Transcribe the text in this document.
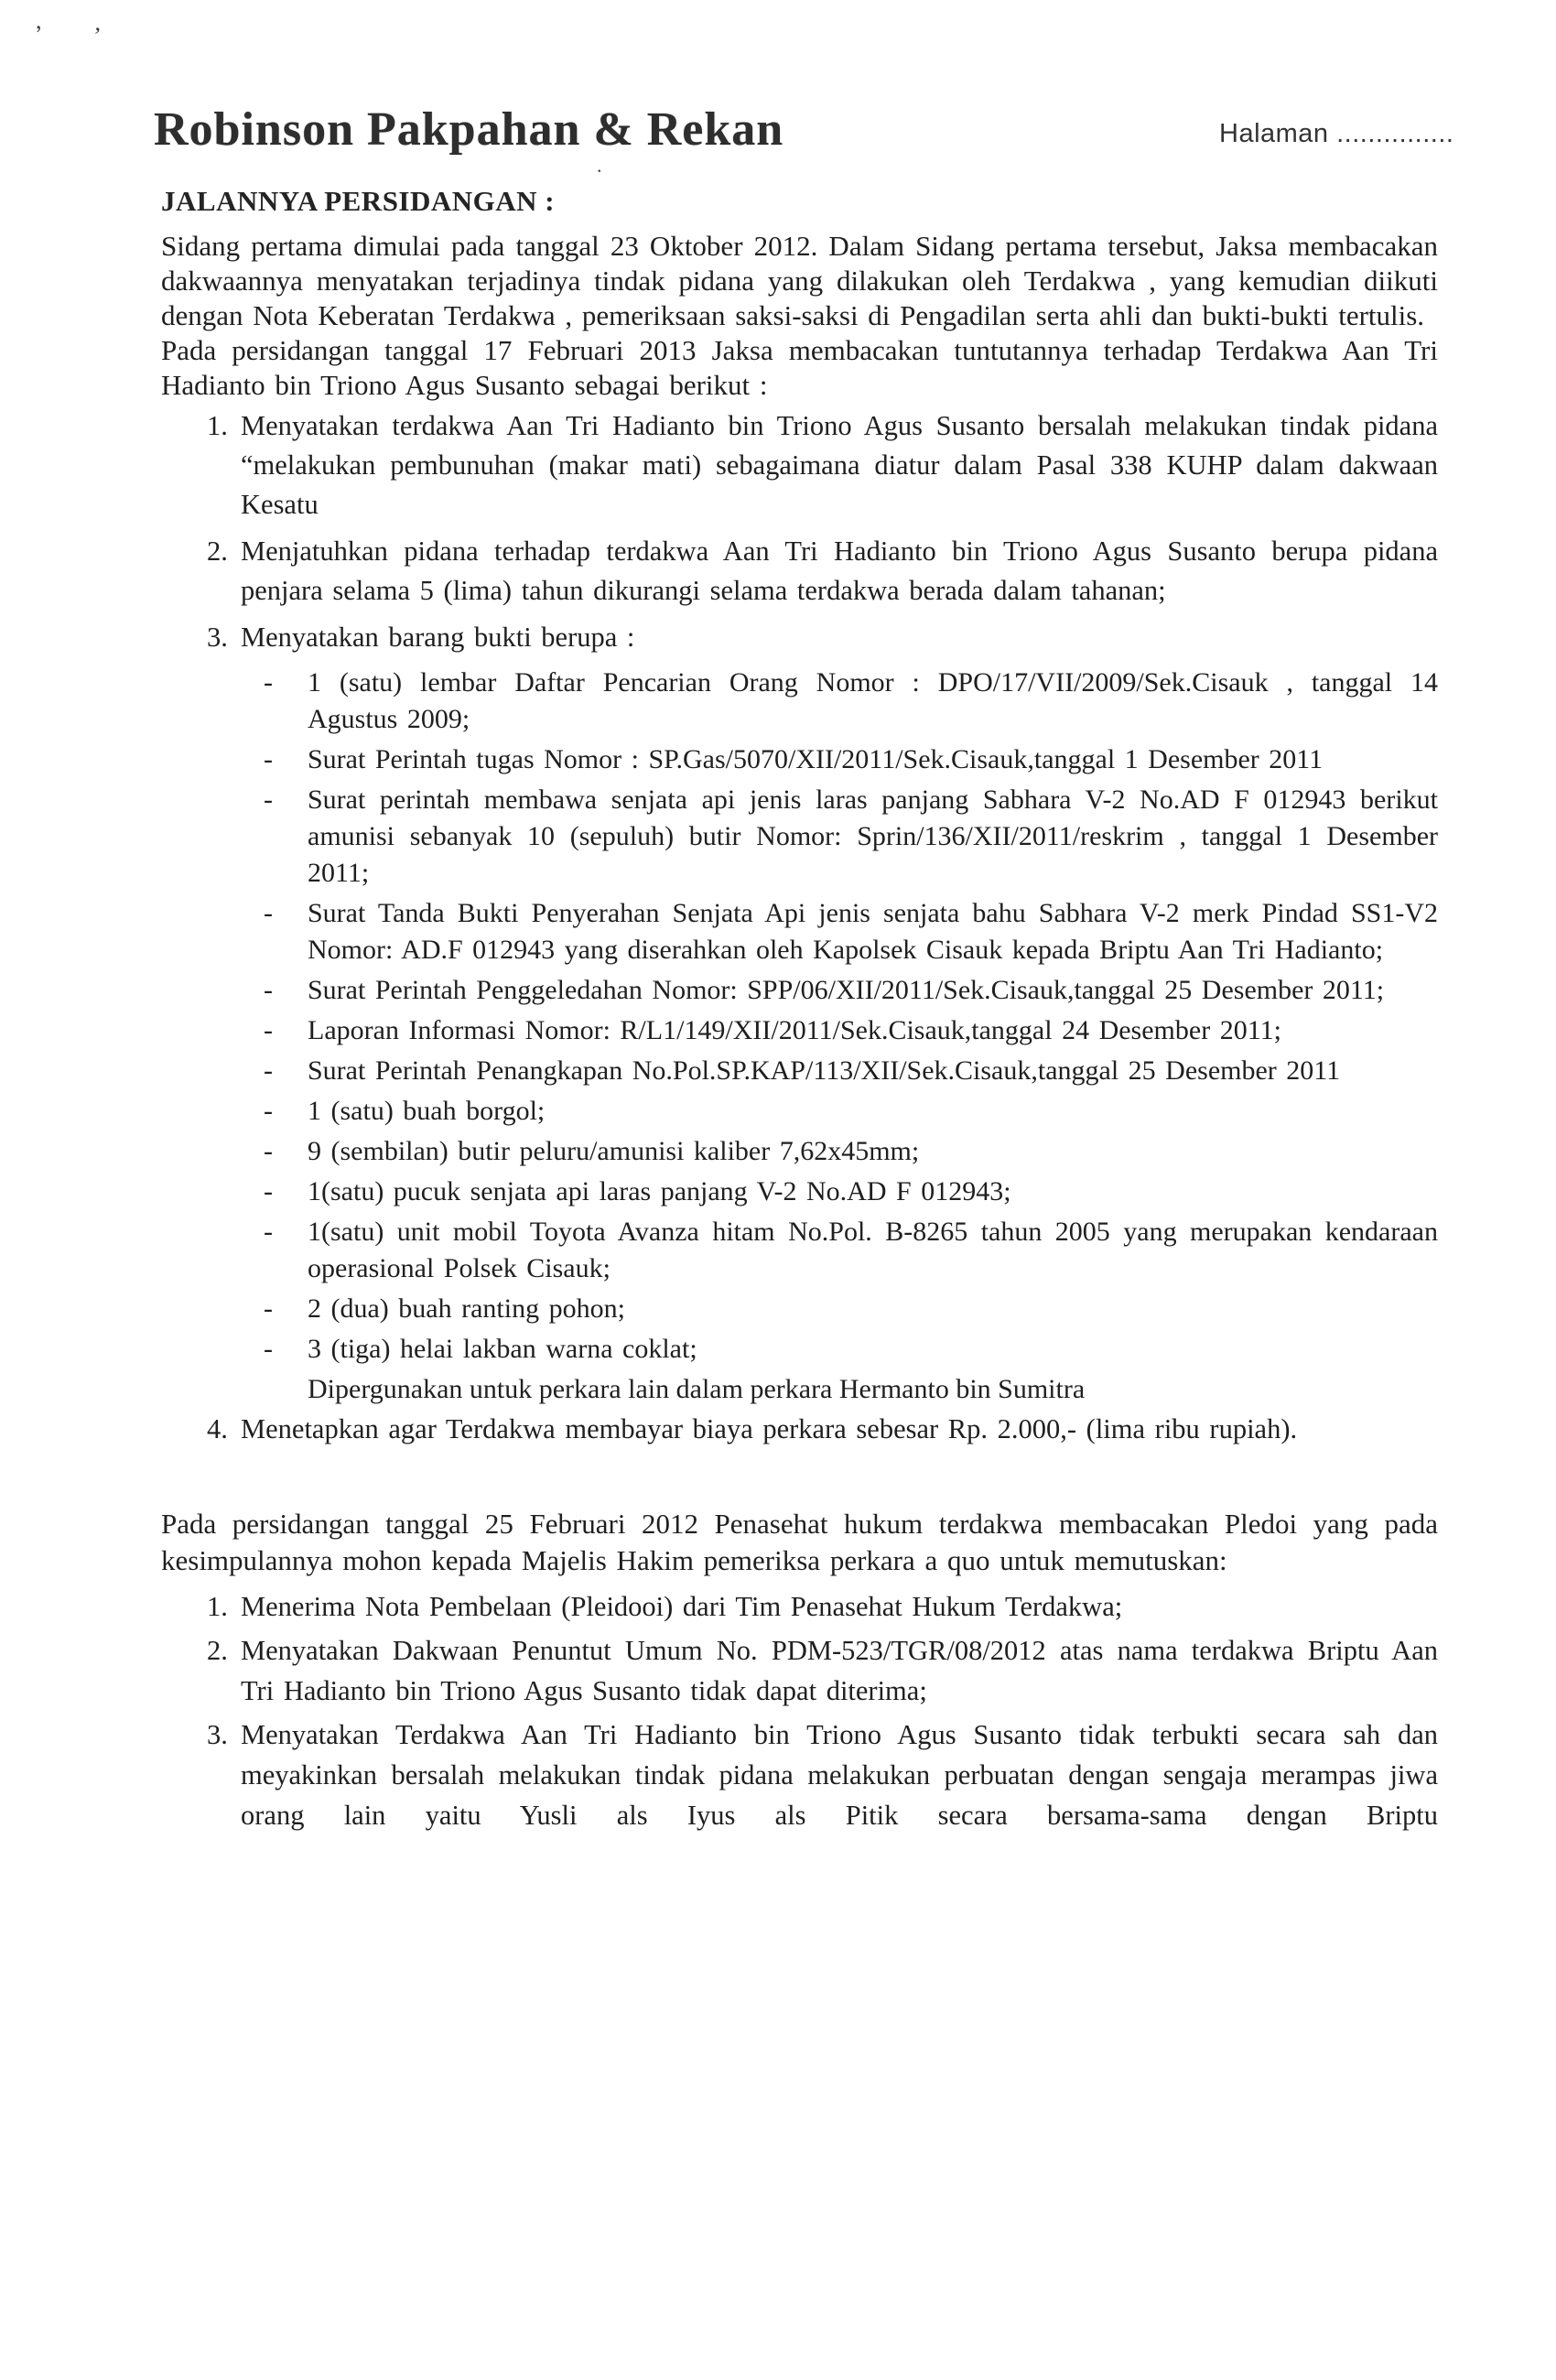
,
,
.
Robinson Pakpahan & Rekan	Halaman ...............
JALANNYA PERSIDANGAN :

Sidang pertama dimulai pada tanggal 23 Oktober 2012. Dalam Sidang pertama tersebut, Jaksa membacakan dakwaannya menyatakan terjadinya tindak pidana yang dilakukan oleh Terdakwa , yang kemudian diikuti dengan Nota Keberatan Terdakwa , pemeriksaan saksi-saksi di Pengadilan serta ahli dan bukti-bukti tertulis.

Pada persidangan tanggal 17 Februari 2013 Jaksa membacakan tuntutannya terhadap Terdakwa Aan Tri Hadianto bin Triono Agus Susanto sebagai berikut :

1. Menyatakan terdakwa Aan Tri Hadianto bin Triono Agus Susanto bersalah melakukan tindak pidana “melakukan pembunuhan (makar mati) sebagaimana diatur dalam Pasal 338 KUHP dalam dakwaan Kesatu
2. Menjatuhkan pidana terhadap terdakwa Aan Tri Hadianto bin Triono Agus Susanto berupa pidana penjara selama 5 (lima) tahun dikurangi selama terdakwa berada dalam tahanan;
3. Menyatakan barang bukti berupa :
-	1 (satu) lembar Daftar Pencarian Orang Nomor : DPO/17/VII/2009/Sek.Cisauk , tanggal 14 Agustus 2009;
-	Surat Perintah tugas Nomor : SP.Gas/5070/XII/2011/Sek.Cisauk,tanggal 1 Desember 2011
-	Surat perintah membawa senjata api jenis laras panjang Sabhara V-2 No.AD F 012943 berikut amunisi sebanyak 10 (sepuluh) butir Nomor: Sprin/136/XII/2011/reskrim , tanggal 1 Desember 2011;
-	Surat Tanda Bukti Penyerahan Senjata Api jenis senjata bahu Sabhara V-2 merk Pindad SS1-V2 Nomor: AD.F 012943 yang diserahkan oleh Kapolsek Cisauk kepada Briptu Aan Tri Hadianto;
-	Surat Perintah Penggeledahan Nomor: SPP/06/XII/2011/Sek.Cisauk,tanggal 25 Desember 2011;
-	Laporan Informasi Nomor: R/L1/149/XII/2011/Sek.Cisauk,tanggal 24 Desember 2011;
-	Surat Perintah Penangkapan No.Pol.SP.KAP/113/XII/Sek.Cisauk,tanggal 25 Desember 2011
-	1 (satu) buah borgol;
-	9 (sembilan) butir peluru/amunisi kaliber 7,62x45mm;
-	1(satu) pucuk senjata api laras panjang V-2 No.AD F 012943;
-	1(satu) unit mobil Toyota Avanza hitam No.Pol. B-8265 tahun 2005 yang merupakan kendaraan operasional Polsek Cisauk;
-	2 (dua) buah ranting pohon;
-	3 (tiga) helai lakban warna coklat;
Dipergunakan untuk perkara lain dalam perkara Hermanto bin Sumitra
4. Menetapkan agar Terdakwa membayar biaya perkara sebesar Rp. 2.000,- (lima ribu rupiah).

Pada persidangan tanggal 25 Februari 2012 Penasehat hukum terdakwa membacakan Pledoi yang pada kesimpulannya mohon kepada Majelis Hakim pemeriksa perkara a quo untuk memutuskan:

1. Menerima Nota Pembelaan (Pleidooi) dari Tim Penasehat Hukum Terdakwa;
2. Menyatakan Dakwaan Penuntut Umum No. PDM-523/TGR/08/2012 atas nama terdakwa Briptu Aan Tri Hadianto bin Triono Agus Susanto tidak dapat diterima;
3. Menyatakan Terdakwa Aan Tri Hadianto bin Triono Agus Susanto tidak terbukti secara sah dan meyakinkan bersalah melakukan tindak pidana melakukan perbuatan dengan sengaja merampas jiwa orang lain yaitu Yusli als Iyus als Pitik secara bersama-sama dengan Briptu
